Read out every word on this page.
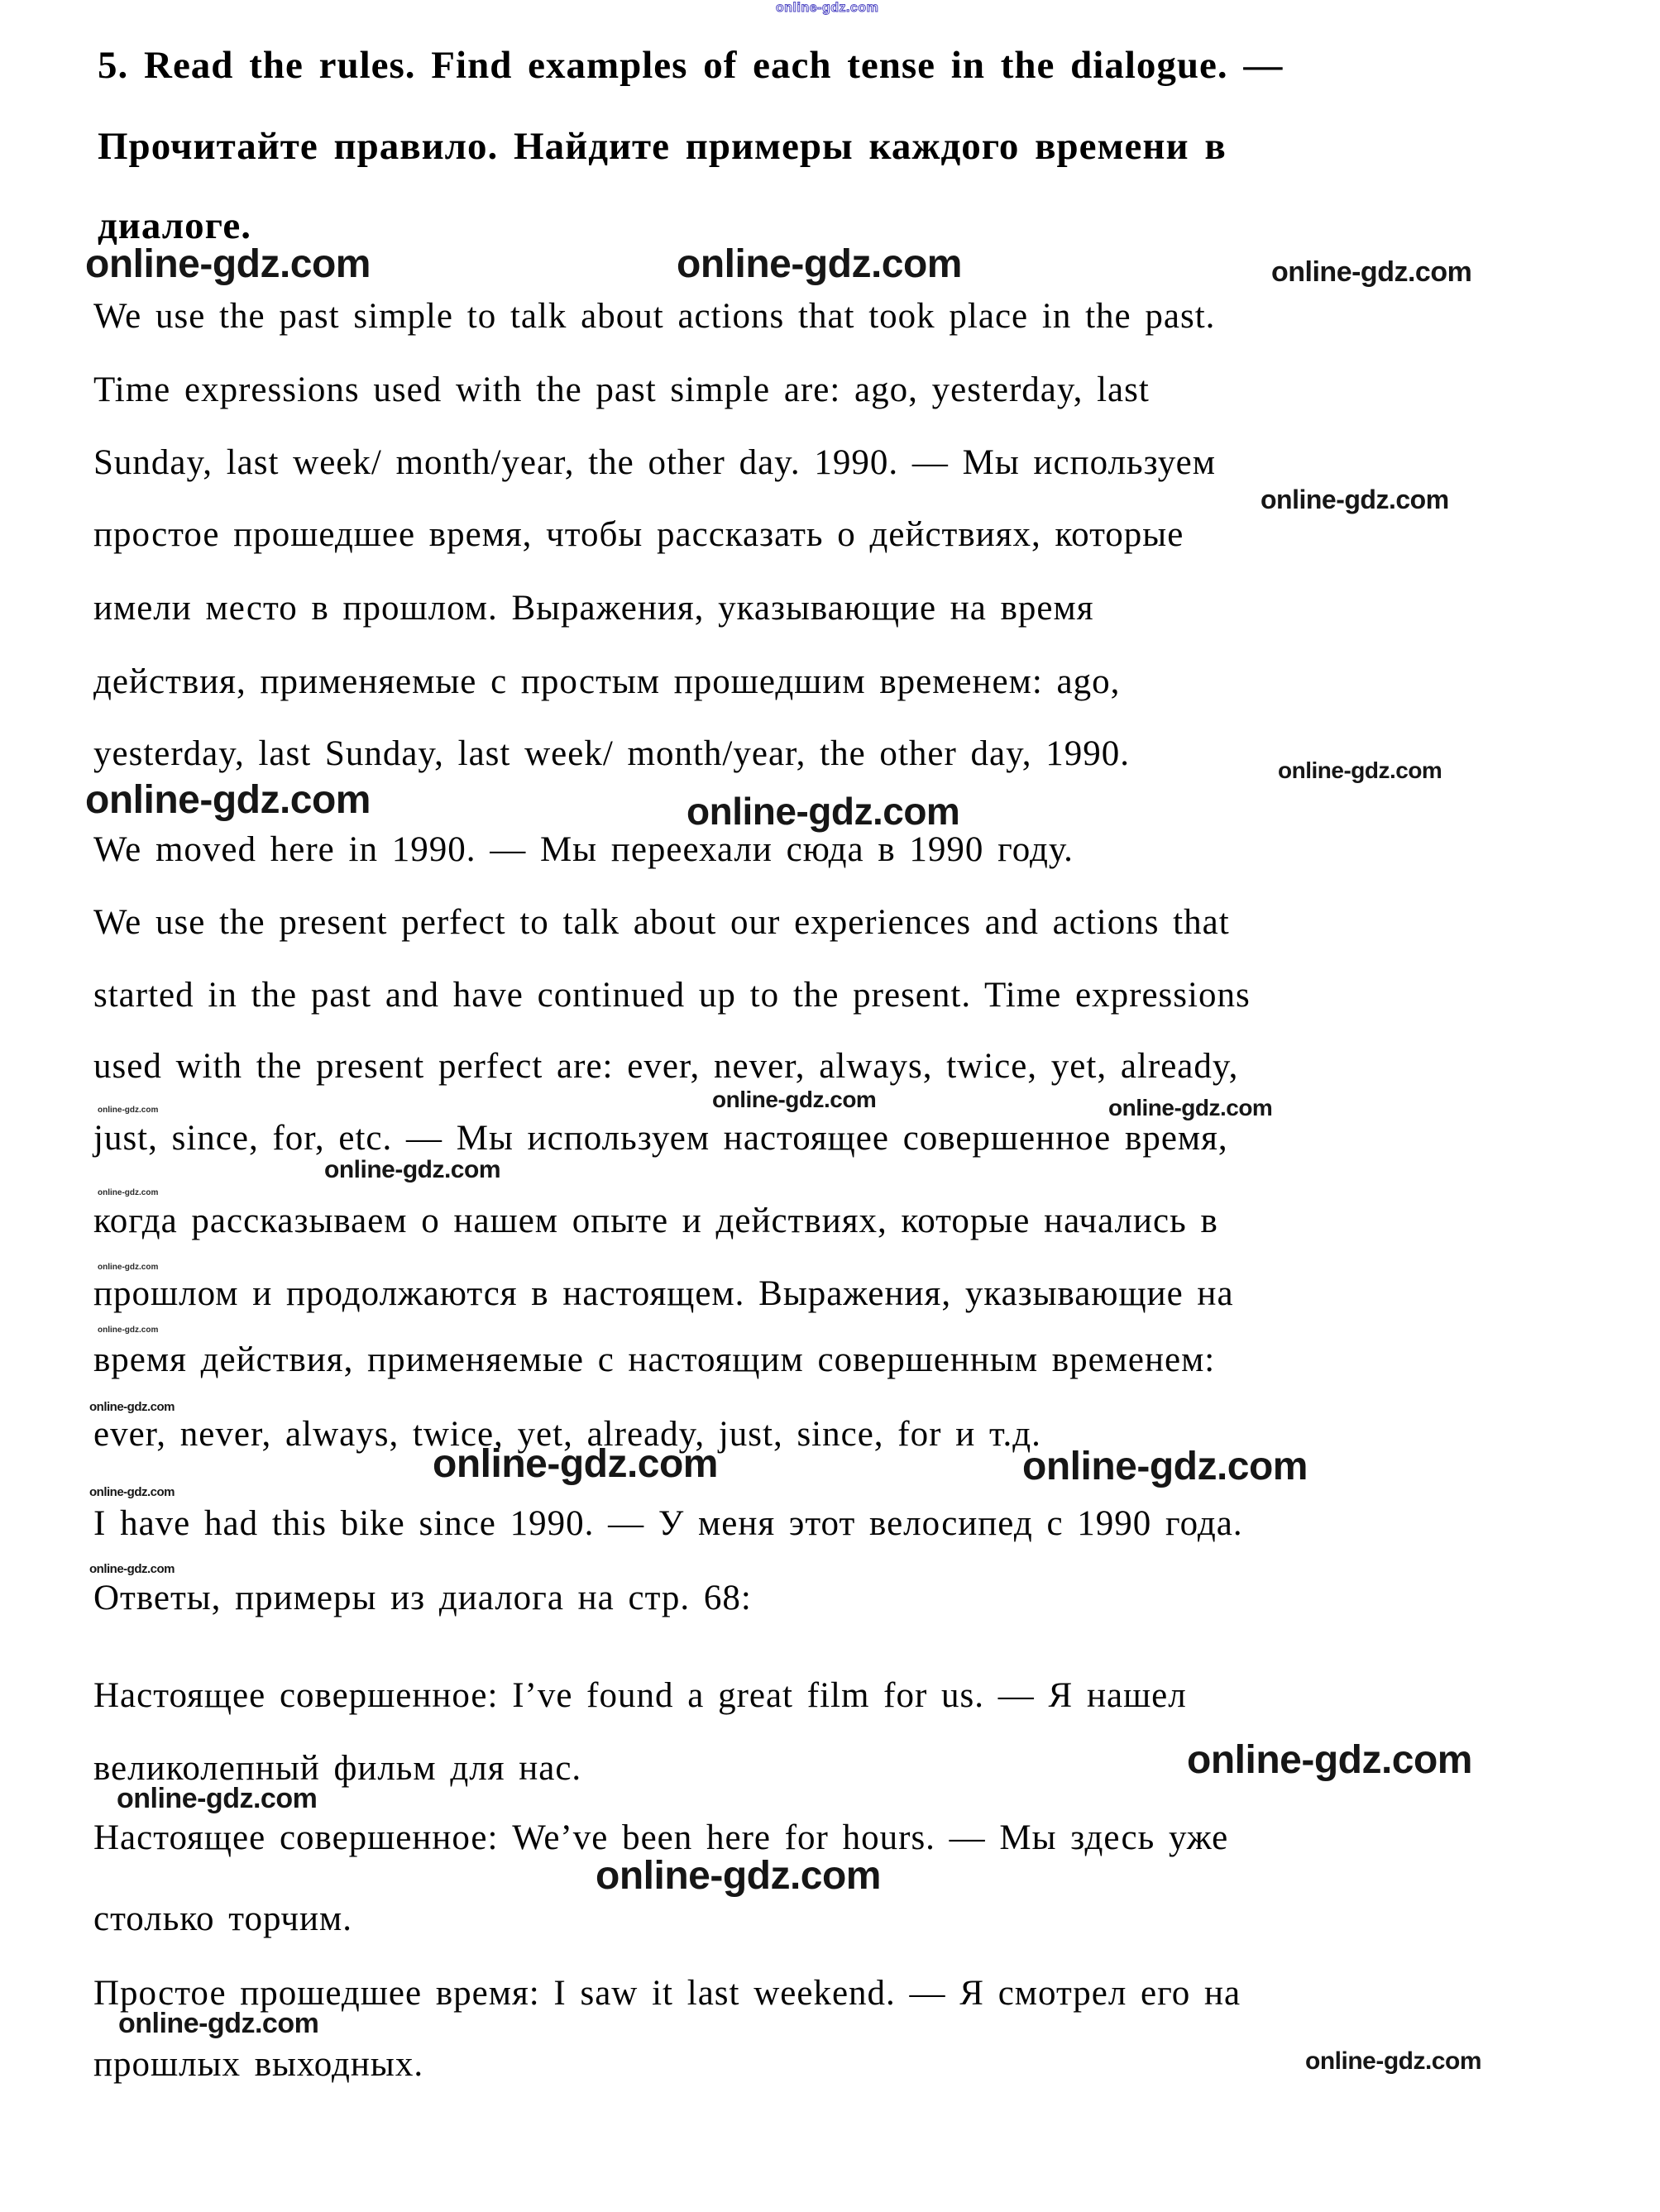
online-gdz.com
5. Read the rules. Find examples of each tense in the dialogue. —
Прочитайте правило. Найдите примеры каждого времени в
диалоге.
online-gdz.com	online-gdz.com	online-gdz.com
We use the past simple to talk about actions that took place in the past.
Time expressions used with the past simple are: ago, yesterday, last
Sunday, last week/ month/year, the other day. 1990. — Мы используем
online-gdz.com
простое прошедшее время, чтобы рассказать о действиях, которые
имели место в прошлом. Выражения, указывающие на время
действия, применяемые с простым прошедшим временем: ago,
yesterday, last Sunday, last week/ month/year, the other day, 1990.	online-gdz.com
online-gdz.com	online-gdz.com
We moved here in 1990. — Мы переехали сюда в 1990 году.
We use the present perfect to talk about our experiences and actions that
started in the past and have continued up to the present. Time expressions
used with the present perfect are: ever, never, always, twice, yet, already,
online-gdz.com	online-gdz.com
online-gdz.com
just, since, for, etc. — Мы используем настоящее совершенное время,
online-gdz.com
online-gdz.com
когда рассказываем о нашем опыте и действиях, которые начались в
online-gdz.com
прошлом и продолжаются в настоящем. Выражения, указывающие на
online-gdz.com
время действия, применяемые с настоящим совершенным временем:
online-gdz.com
ever, never, always, twice, yet, already, just, since, for и т.д.
online-gdz.com	online-gdz.com
online-gdz.com
I have had this bike since 1990. — У меня этот велосипед с 1990 года.
online-gdz.com
Ответы, примеры из диалога на стр. 68:
Настоящее совершенное: I’ve found a great film for us. — Я нашел
online-gdz.com
великолепный фильм для нас.
online-gdz.com
Настоящее совершенное: We’ve been here for hours. — Мы здесь уже
online-gdz.com
столько торчим.
Простое прошедшее время: I saw it last weekend. — Я смотрел его на
online-gdz.com
online-gdz.com
прошлых выходных.
